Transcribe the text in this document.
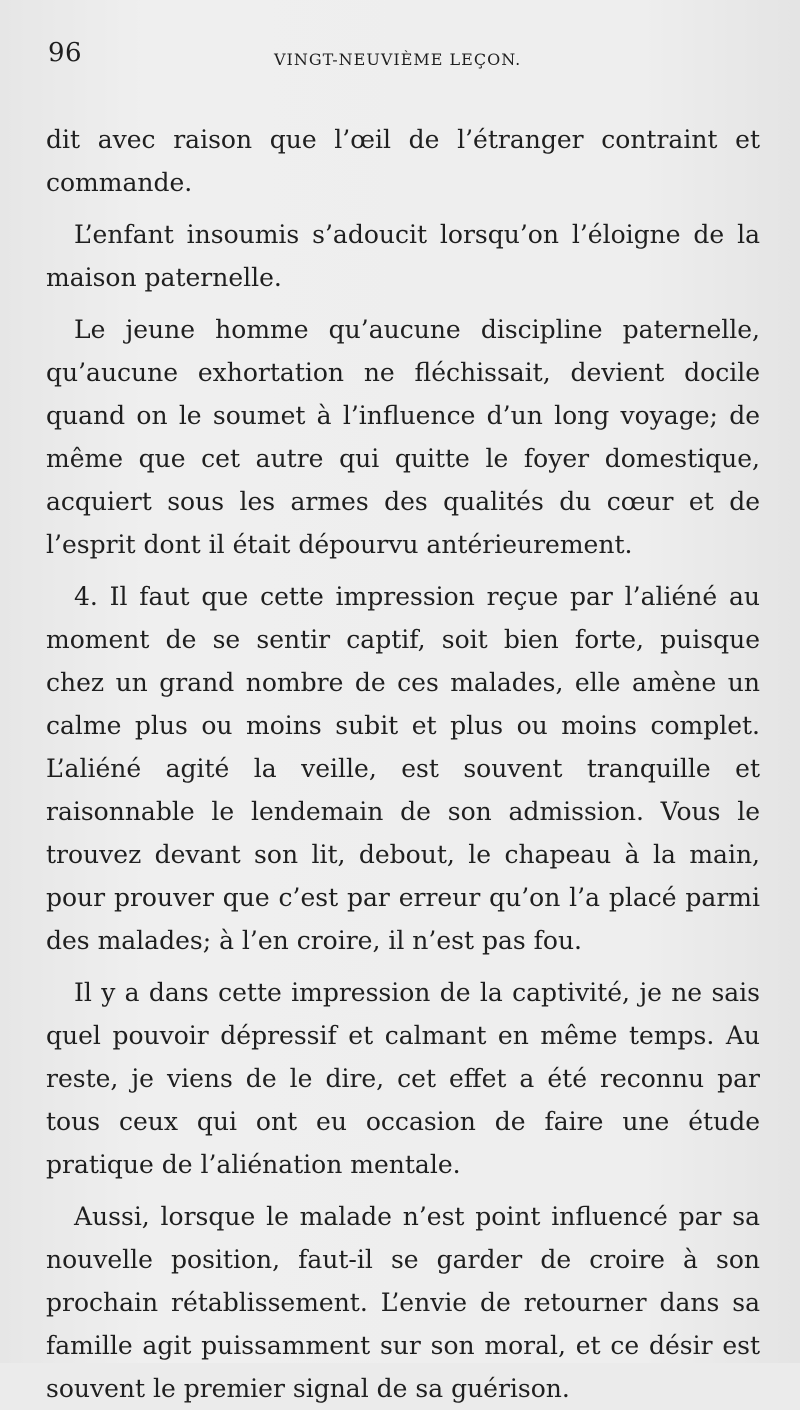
96	VINGT-NEUVIÈME LEÇON.

dit avec raison que l’œil de l’étranger contraint et commande.

L’enfant insoumis s’adoucit lorsqu’on l’éloigne de la maison paternelle.

Le jeune homme qu’aucune discipline paternelle, qu’aucune exhortation ne fléchissait, devient docile quand on le soumet à l’influence d’un long voyage; de même que cet autre qui quitte le foyer domestique, acquiert sous les armes des qualités du cœur et de l’esprit dont il était dépourvu antérieurement.

4. Il faut que cette impression reçue par l’aliéné au moment de se sentir captif, soit bien forte, puisque chez un grand nombre de ces malades, elle amène un calme plus ou moins subit et plus ou moins complet. L’aliéné agité la veille, est souvent tranquille et raisonnable le lendemain de son admission. Vous le trouvez devant son lit, debout, le chapeau à la main, pour prouver que c’est par erreur qu’on l’a placé parmi des malades; à l’en croire, il n’est pas fou.

Il y a dans cette impression de la captivité, je ne sais quel pouvoir dépressif et calmant en même temps. Au reste, je viens de le dire, cet effet a été reconnu par tous ceux qui ont eu occasion de faire une étude pratique de l’aliénation mentale.

Aussi, lorsque le malade n’est point influencé par sa nouvelle position, faut-il se garder de croire à son prochain rétablissement. L’envie de retourner dans sa famille agit puissamment sur son moral, et ce désir est souvent le premier signal de sa guérison.
